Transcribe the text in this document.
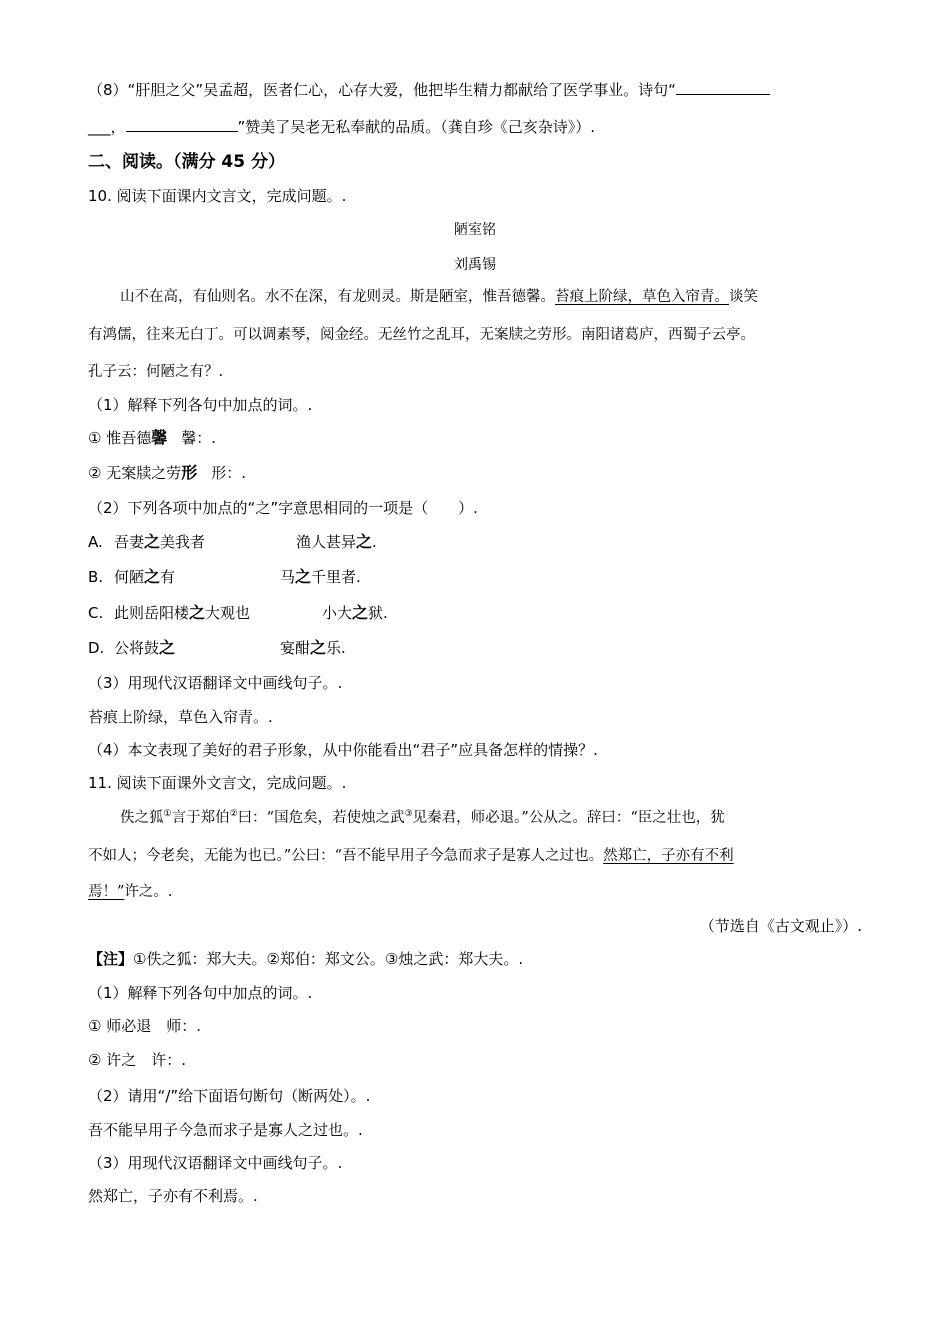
（8）“肝胆之父”吴孟超，医者仁心，心存大爱，他把毕生精力都献给了医学事业。诗句“
___，	”赞美了吴老无私奉献的品质。（龚自珍《己亥杂诗》）.
二、阅读。（满分 45 分）
10. 阅读下面课内文言文，完成问题。.
陋室铭
刘禹锡
山不在高，有仙则名。水不在深，有龙则灵。斯是陋室，惟吾德馨。苔痕上阶绿，草色入帘青。谈笑
有鸿儒，往来无白丁。可以调素琴，阅金经。无丝竹之乱耳，无案牍之劳形。南阳诸葛庐，西蜀子云亭。
孔子云：何陋之有？.
（1）解释下列各句中加点的词。.
① 惟吾德馨 馨：.
② 无案牍之劳形 形：.
（2）下列各项中加点的“之”字意思相同的一项是（　　）.
A. 吾妻之美我者	渔人甚异之.
B. 何陋之有	马之千里者.
C. 此则岳阳楼之大观也	小大之狱.
D. 公将鼓之	宴酣之乐.
（3）用现代汉语翻译文中画线句子。.
苔痕上阶绿，草色入帘青。.
（4）本文表现了美好的君子形象，从中你能看出“君子”应具备怎样的情操？.
11. 阅读下面课外文言文，完成问题。.
佚之狐①言于郑伯②曰：“国危矣，若使烛之武③见秦君，师必退。”公从之。辞曰：“臣之壮也，犹
不如人；今老矣，无能为也已。”公曰：“吾不能早用子今急而求子是寡人之过也。然郑亡，子亦有不利
焉！”许之。.
（节选自《古文观止》）.
【注】①佚之狐：郑大夫。②郑伯：郑文公。③烛之武：郑大夫。.
（1）解释下列各句中加点的词。.
① 师必退　师：.
② 许之　许：.
（2）请用“/”给下面语句断句（断两处）。.
吾不能早用子今急而求子是寡人之过也。.
（3）用现代汉语翻译文中画线句子。.
然郑亡，子亦有不利焉。.
